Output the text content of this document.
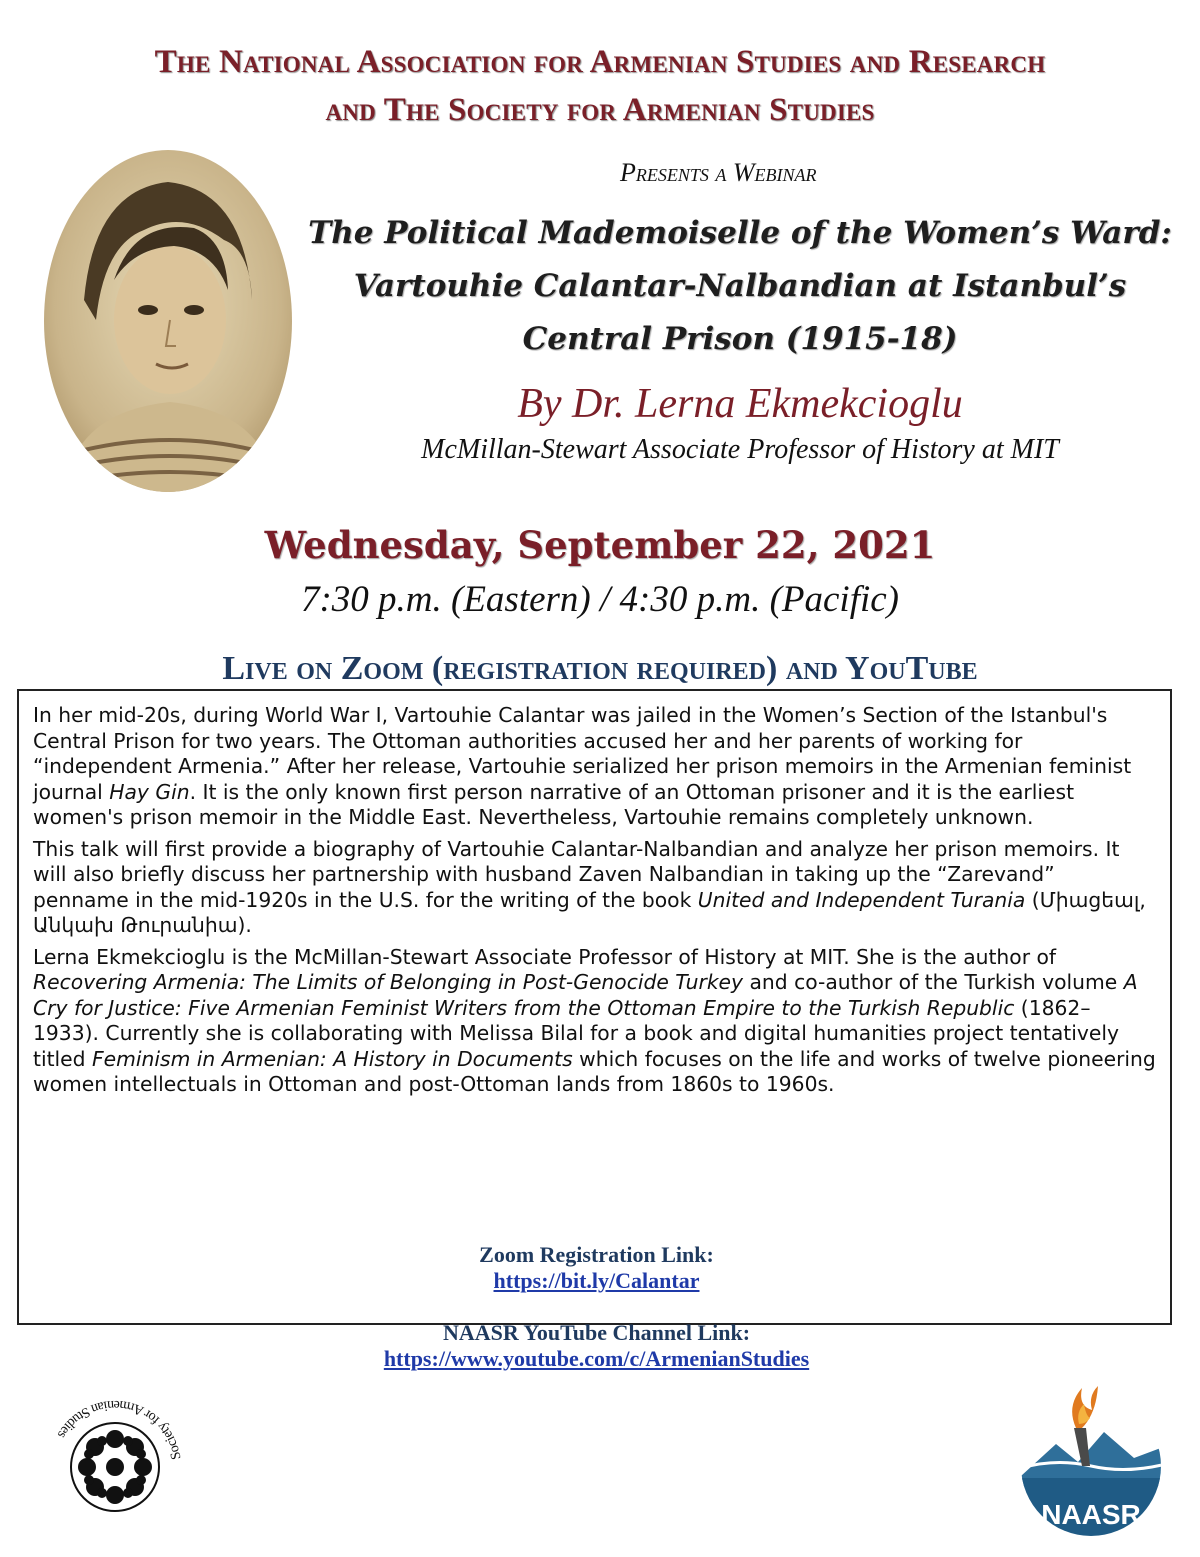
The National Association for Armenian Studies and Research
and The Society for Armenian Studies
Presents a Webinar
The Political Mademoiselle of the Women’s Ward:
Vartouhie Calantar-Nalbandian at Istanbul’s
Central Prison (1915-18)
By Dr. Lerna Ekmekcioglu
McMillan-Stewart Associate Professor of History at MIT
Wednesday, September 22, 2021
7:30 p.m. (Eastern) / 4:30 p.m. (Pacific)
Live on Zoom (registration required) and YouTube

In her mid-20s, during World War I, Vartouhie Calantar was jailed in the Women’s Section of the Istanbul's Central Prison for two years. The Ottoman authorities accused her and her parents of working for “independent Armenia.” After her release, Vartouhie serialized her prison memoirs in the Armenian feminist journal Hay Gin. It is the only known first person narrative of an Ottoman prisoner and it is the earliest women's prison memoir in the Middle East. Nevertheless, Vartouhie remains completely unknown.

This talk will first provide a biography of Vartouhie Calantar-Nalbandian and analyze her prison memoirs. It will also briefly discuss her partnership with husband Zaven Nalbandian in taking up the “Zarevand” penname in the mid-1920s in the U.S. for the writing of the book United and Independent Turania (Միացեալ, Անկախ Թուրանիա).

Lerna Ekmekcioglu is the McMillan-Stewart Associate Professor of History at MIT. She is the author of Recovering Armenia: The Limits of Belonging in Post-Genocide Turkey and co-author of the Turkish volume A Cry for Justice: Five Armenian Feminist Writers from the Ottoman Empire to the Turkish Republic (1862–1933). Currently she is collaborating with Melissa Bilal for a book and digital humanities project tentatively titled Feminism in Armenian: A History in Documents which focuses on the life and works of twelve pioneering women intellectuals in Ottoman and post-Ottoman lands from 1860s to 1960s.

Zoom Registration Link:
https://bit.ly/Calantar
NAASR YouTube Channel Link:
https://www.youtube.com/c/ArmenianStudies
Society for Armenian Studies
NAASR
